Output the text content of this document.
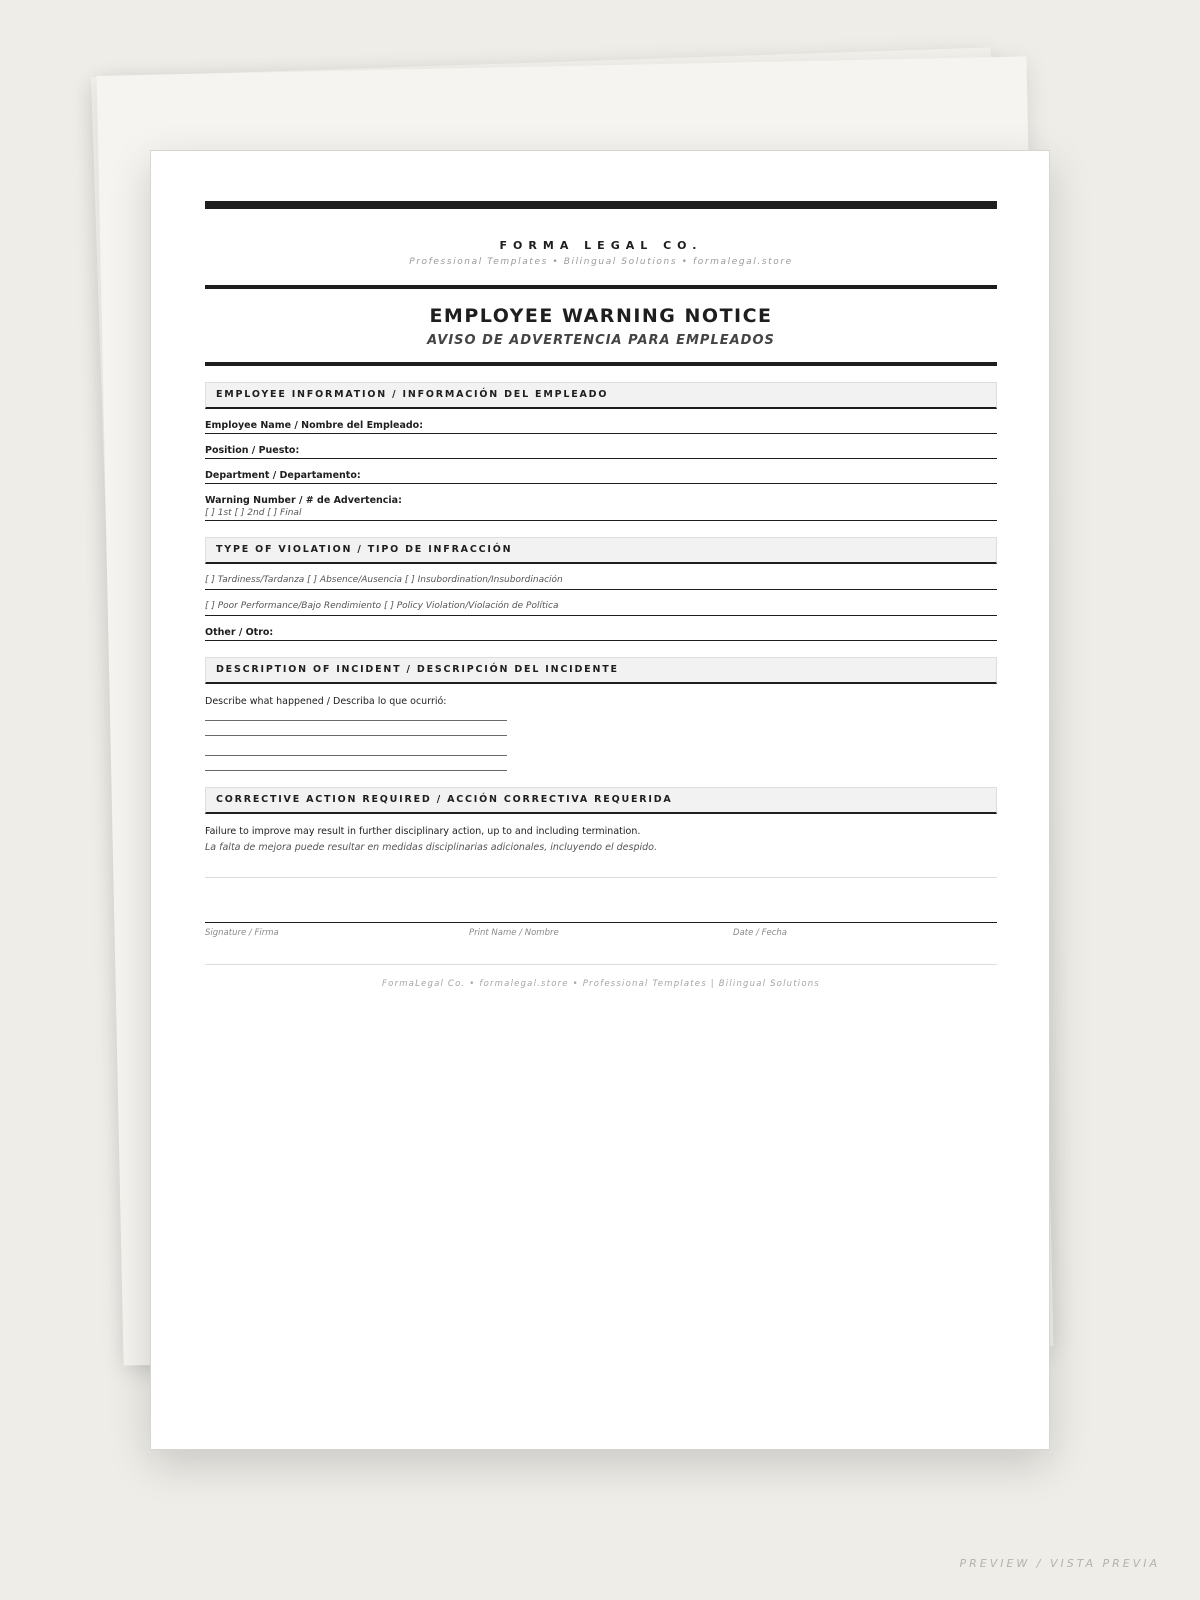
FORMA LEGAL CO.
Professional Templates • Bilingual Solutions • formalegal.store
EMPLOYEE WARNING NOTICE
AVISO DE ADVERTENCIA PARA EMPLEADOS
EMPLOYEE INFORMATION / INFORMACIÓN DEL EMPLEADO
Employee Name / Nombre del Empleado:
Position / Puesto:
Department / Departamento:
Warning Number / # de Advertencia:
[ ] 1st [ ] 2nd [ ] Final
TYPE OF VIOLATION / TIPO DE INFRACCIÓN
[ ] Tardiness/Tardanza [ ] Absence/Ausencia [ ] Insubordination/Insubordinación
[ ] Poor Performance/Bajo Rendimiento [ ] Policy Violation/Violación de Política
Other / Otro:
DESCRIPTION OF INCIDENT / DESCRIPCIÓN DEL INCIDENTE
Describe what happened / Describa lo que ocurrió:
CORRECTIVE ACTION REQUIRED / ACCIÓN CORRECTIVA REQUERIDA
Failure to improve may result in further disciplinary action, up to and including termination.
La falta de mejora puede resultar en medidas disciplinarias adicionales, incluyendo el despido.
Signature / Firma	Print Name / Nombre	Date / Fecha
FormaLegal Co. • formalegal.store • Professional Templates | Bilingual Solutions
PREVIEW / VISTA PREVIA
